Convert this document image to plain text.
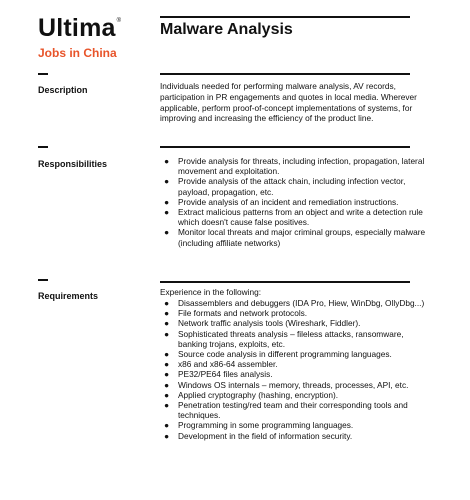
Ultima®
Jobs in China
Malware Analysis
Description	Individuals needed for performing malware analysis, AV records, participation in PR engagements and quotes in local media. Wherever applicable, perform proof-of-concept implementations of systems, for improving and increasing the efficiency of the product line.
Responsibilities	● Provide analysis for threats, including infection, propagation, lateral movement and exploitation.
● Provide analysis of the attack chain, including infection vector, payload, propagation, etc.
● Provide analysis of an incident and remediation instructions.
● Extract malicious patterns from an object and write a detection rule which doesn't cause false positives.
● Monitor local threats and major criminal groups, especially malware (including affiliate networks)
Requirements	Experience in the following:
● Disassemblers and debuggers (IDA Pro, Hiew, WinDbg, OllyDbg...)
● File formats and network protocols.
● Network traffic analysis tools (Wireshark, Fiddler).
● Sophisticated threats analysis – fileless attacks, ransomware, banking trojans, exploits, etc.
● Source code analysis in different programming languages.
● x86 and x86-64 assembler.
● PE32/PE64 files analysis.
● Windows OS internals – memory, threads, processes, API, etc.
● Applied cryptography (hashing, encryption).
● Penetration testing/red team and their corresponding tools and techniques.
● Programming in some programming languages.
● Development in the field of information security.
